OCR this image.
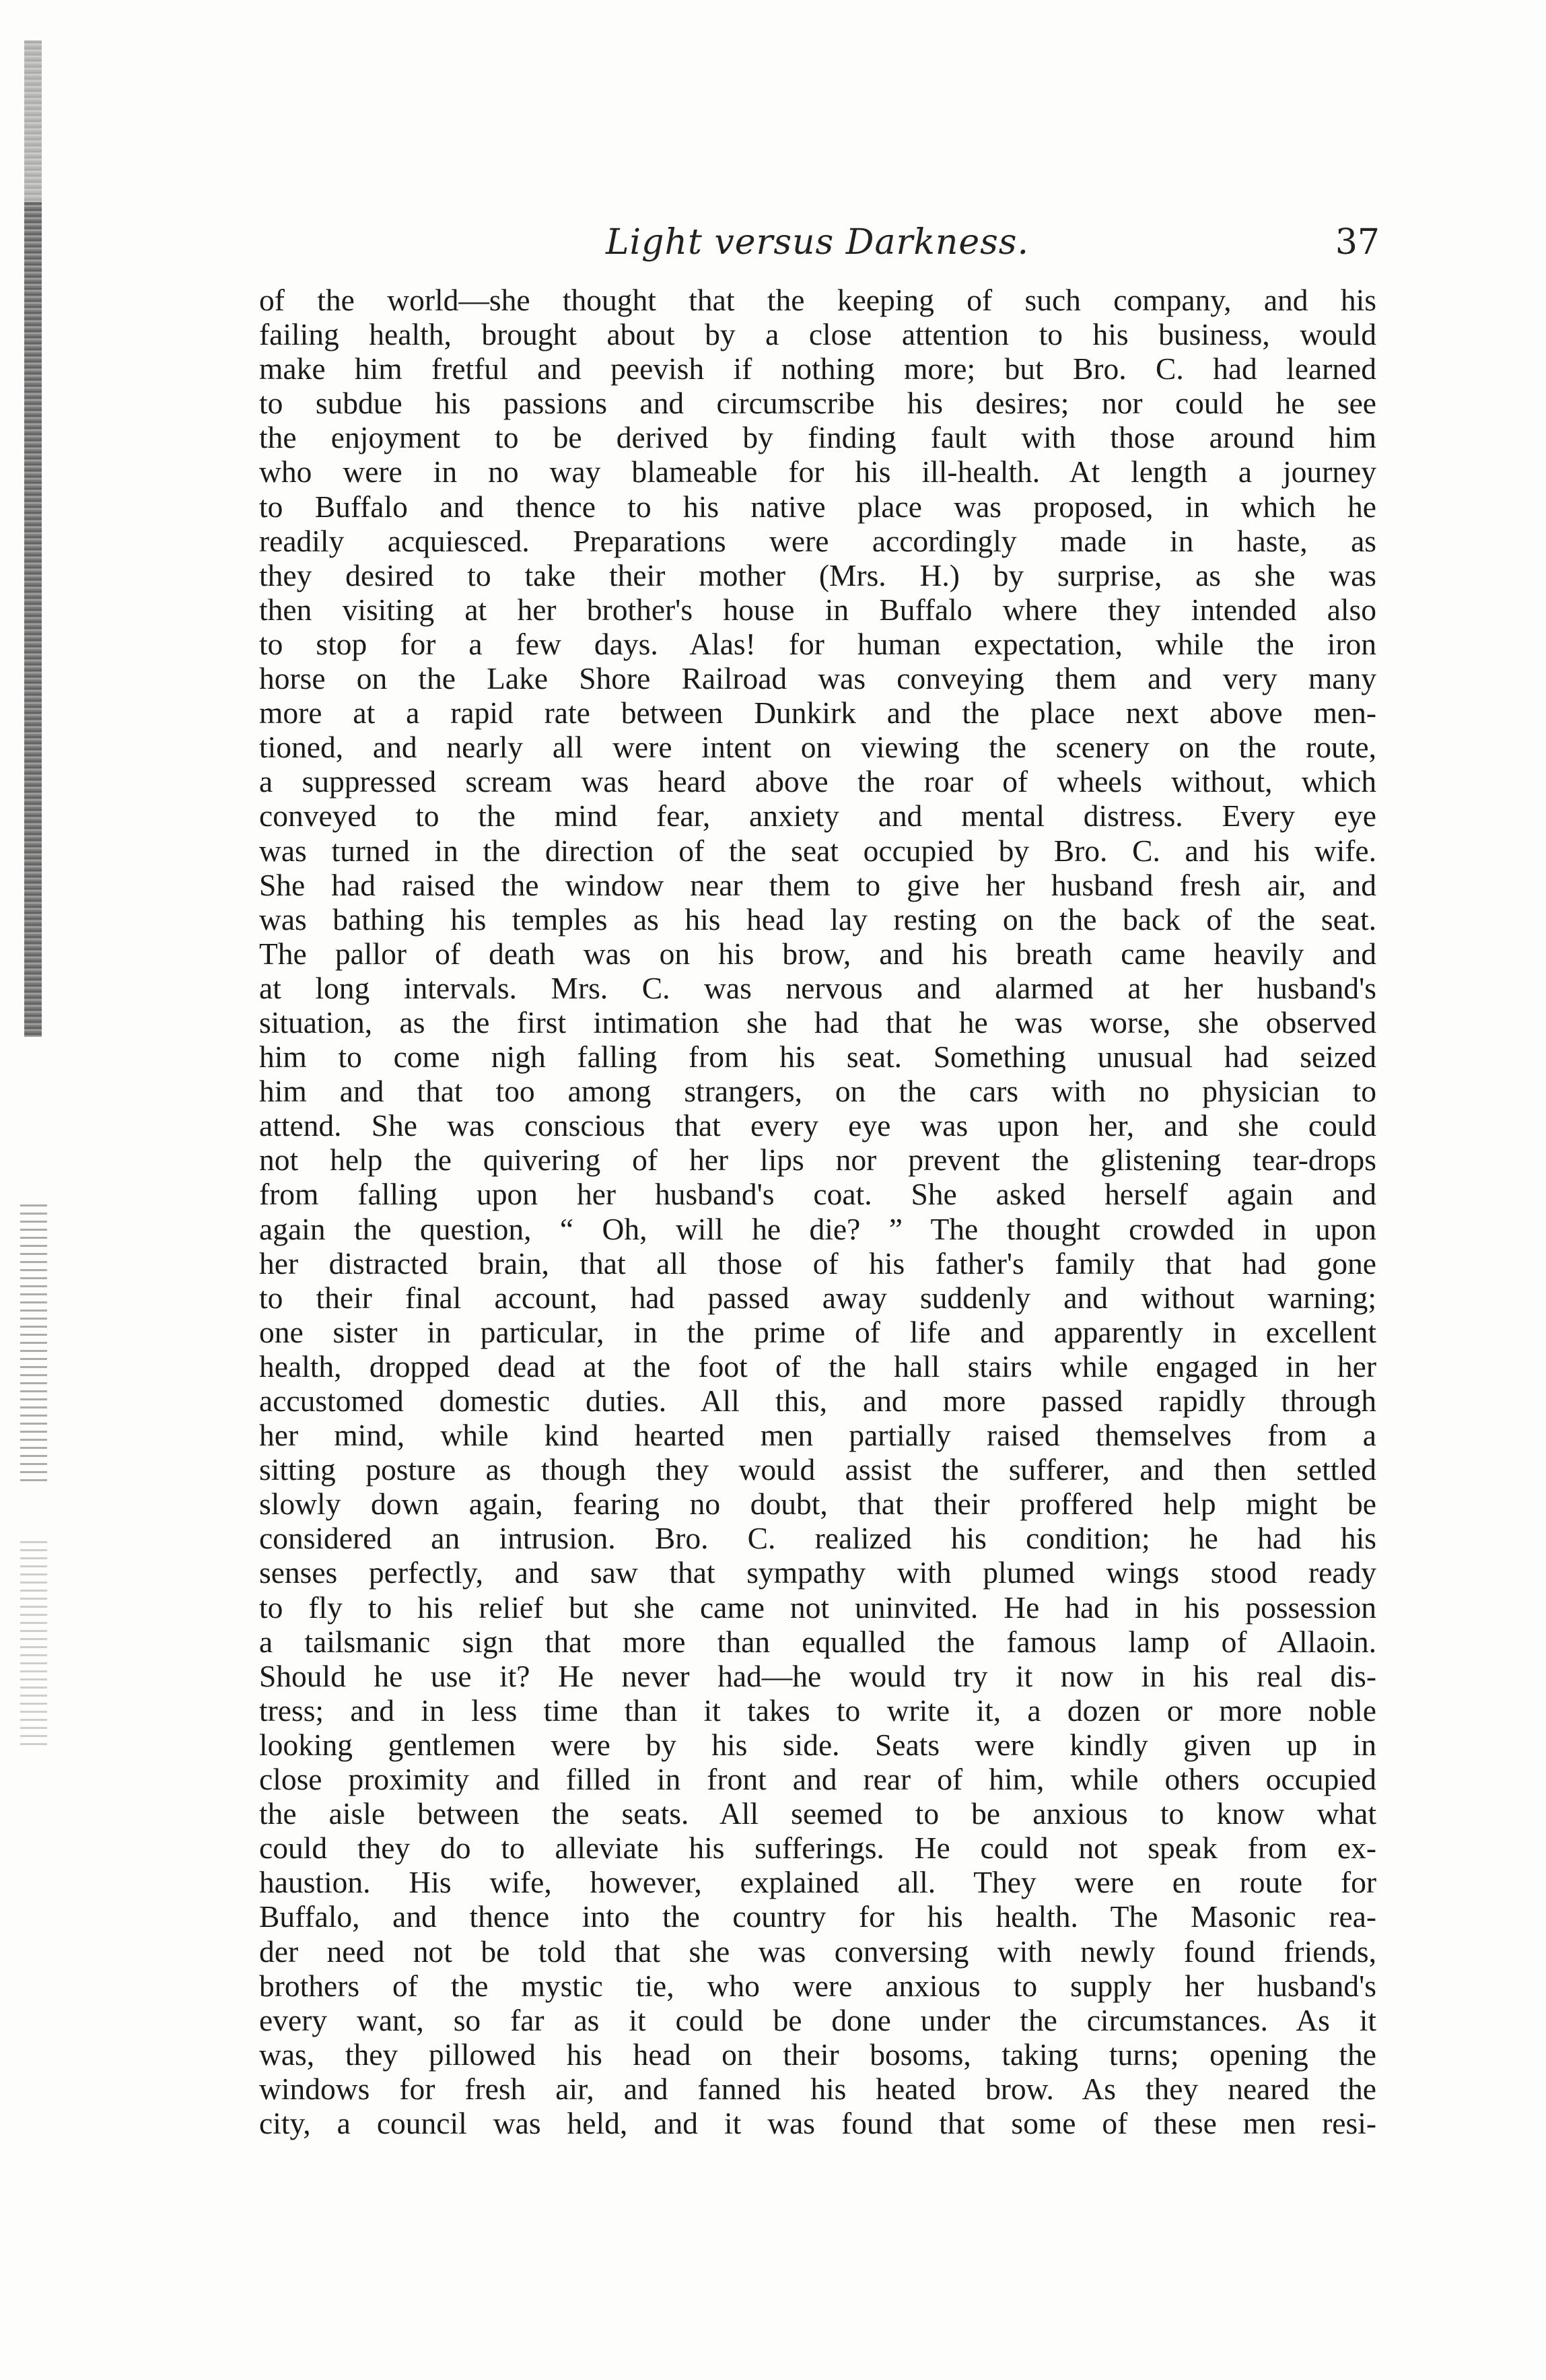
Light versus Darkness.	37
of the world—she thought that the keeping of such company, and his
failing health, brought about by a close attention to his business, would
make him fretful and peevish if nothing more; but Bro. C. had learned
to subdue his passions and circumscribe his desires; nor could he see
the enjoyment to be derived by finding fault with those around him
who were in no way blameable for his ill-health. At length a journey
to Buffalo and thence to his native place was proposed, in which he
readily acquiesced. Preparations were accordingly made in haste, as
they desired to take their mother (Mrs. H.) by surprise, as she was
then visiting at her brother's house in Buffalo where they intended also
to stop for a few days. Alas! for human expectation, while the iron
horse on the Lake Shore Railroad was conveying them and very many
more at a rapid rate between Dunkirk and the place next above men-
tioned, and nearly all were intent on viewing the scenery on the route,
a suppressed scream was heard above the roar of wheels without, which
conveyed to the mind fear, anxiety and mental distress. Every eye
was turned in the direction of the seat occupied by Bro. C. and his wife.
She had raised the window near them to give her husband fresh air, and
was bathing his temples as his head lay resting on the back of the seat.
The pallor of death was on his brow, and his breath came heavily and
at long intervals. Mrs. C. was nervous and alarmed at her husband's
situation, as the first intimation she had that he was worse, she observed
him to come nigh falling from his seat. Something unusual had seized
him and that too among strangers, on the cars with no physician to
attend. She was conscious that every eye was upon her, and she could
not help the quivering of her lips nor prevent the glistening tear-drops
from falling upon her husband's coat. She asked herself again and
again the question, “ Oh, will he die? ” The thought crowded in upon
her distracted brain, that all those of his father's family that had gone
to their final account, had passed away suddenly and without warning;
one sister in particular, in the prime of life and apparently in excellent
health, dropped dead at the foot of the hall stairs while engaged in her
accustomed domestic duties. All this, and more passed rapidly through
her mind, while kind hearted men partially raised themselves from a
sitting posture as though they would assist the sufferer, and then settled
slowly down again, fearing no doubt, that their proffered help might be
considered an intrusion. Bro. C. realized his condition; he had his
senses perfectly, and saw that sympathy with plumed wings stood ready
to fly to his relief but she came not uninvited. He had in his possession
a tailsmanic sign that more than equalled the famous lamp of Allaoin.
Should he use it? He never had—he would try it now in his real dis-
tress; and in less time than it takes to write it, a dozen or more noble
looking gentlemen were by his side. Seats were kindly given up in
close proximity and filled in front and rear of him, while others occupied
the aisle between the seats. All seemed to be anxious to know what
could they do to alleviate his sufferings. He could not speak from ex-
haustion. His wife, however, explained all. They were en route for
Buffalo, and thence into the country for his health. The Masonic rea-
der need not be told that she was conversing with newly found friends,
brothers of the mystic tie, who were anxious to supply her husband's
every want, so far as it could be done under the circumstances. As it
was, they pillowed his head on their bosoms, taking turns; opening the
windows for fresh air, and fanned his heated brow. As they neared the
city, a council was held, and it was found that some of these men resi-
